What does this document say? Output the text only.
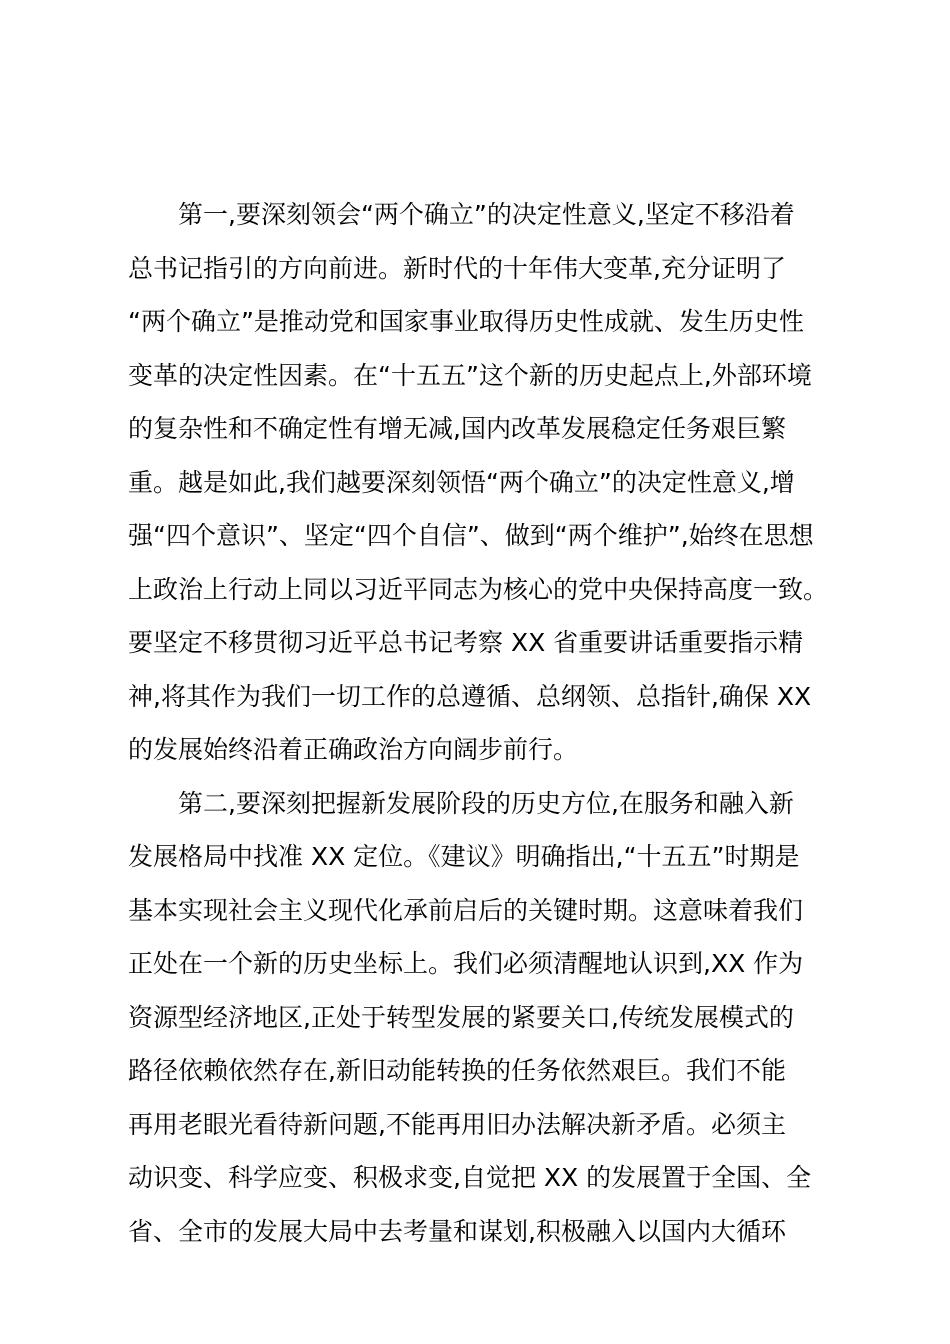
第一,要深刻领会“两个确立”的决定性意义,坚定不移沿着
总书记指引的方向前进。新时代的十年伟大变革,充分证明了
“两个确立”是推动党和国家事业取得历史性成就、发生历史性
变革的决定性因素。在“十五五”这个新的历史起点上,外部环境
的复杂性和不确定性有增无减,国内改革发展稳定任务艰巨繁
重。越是如此,我们越要深刻领悟“两个确立”的决定性意义,增
强“四个意识”、坚定“四个自信”、做到“两个维护”,始终在思想
上政治上行动上同以习近平同志为核心的党中央保持高度一致。
要坚定不移贯彻习近平总书记考察 XX 省重要讲话重要指示精
神,将其作为我们一切工作的总遵循、总纲领、总指针,确保 XX
的发展始终沿着正确政治方向阔步前行。
第二,要深刻把握新发展阶段的历史方位,在服务和融入新
发展格局中找准 XX 定位。《建议》明确指出,“十五五”时期是
基本实现社会主义现代化承前启后的关键时期。这意味着我们
正处在一个新的历史坐标上。我们必须清醒地认识到,XX 作为
资源型经济地区,正处于转型发展的紧要关口,传统发展模式的
路径依赖依然存在,新旧动能转换的任务依然艰巨。我们不能
再用老眼光看待新问题,不能再用旧办法解决新矛盾。必须主
动识变、科学应变、积极求变,自觉把 XX 的发展置于全国、全
省、全市的发展大局中去考量和谋划,积极融入以国内大循环
